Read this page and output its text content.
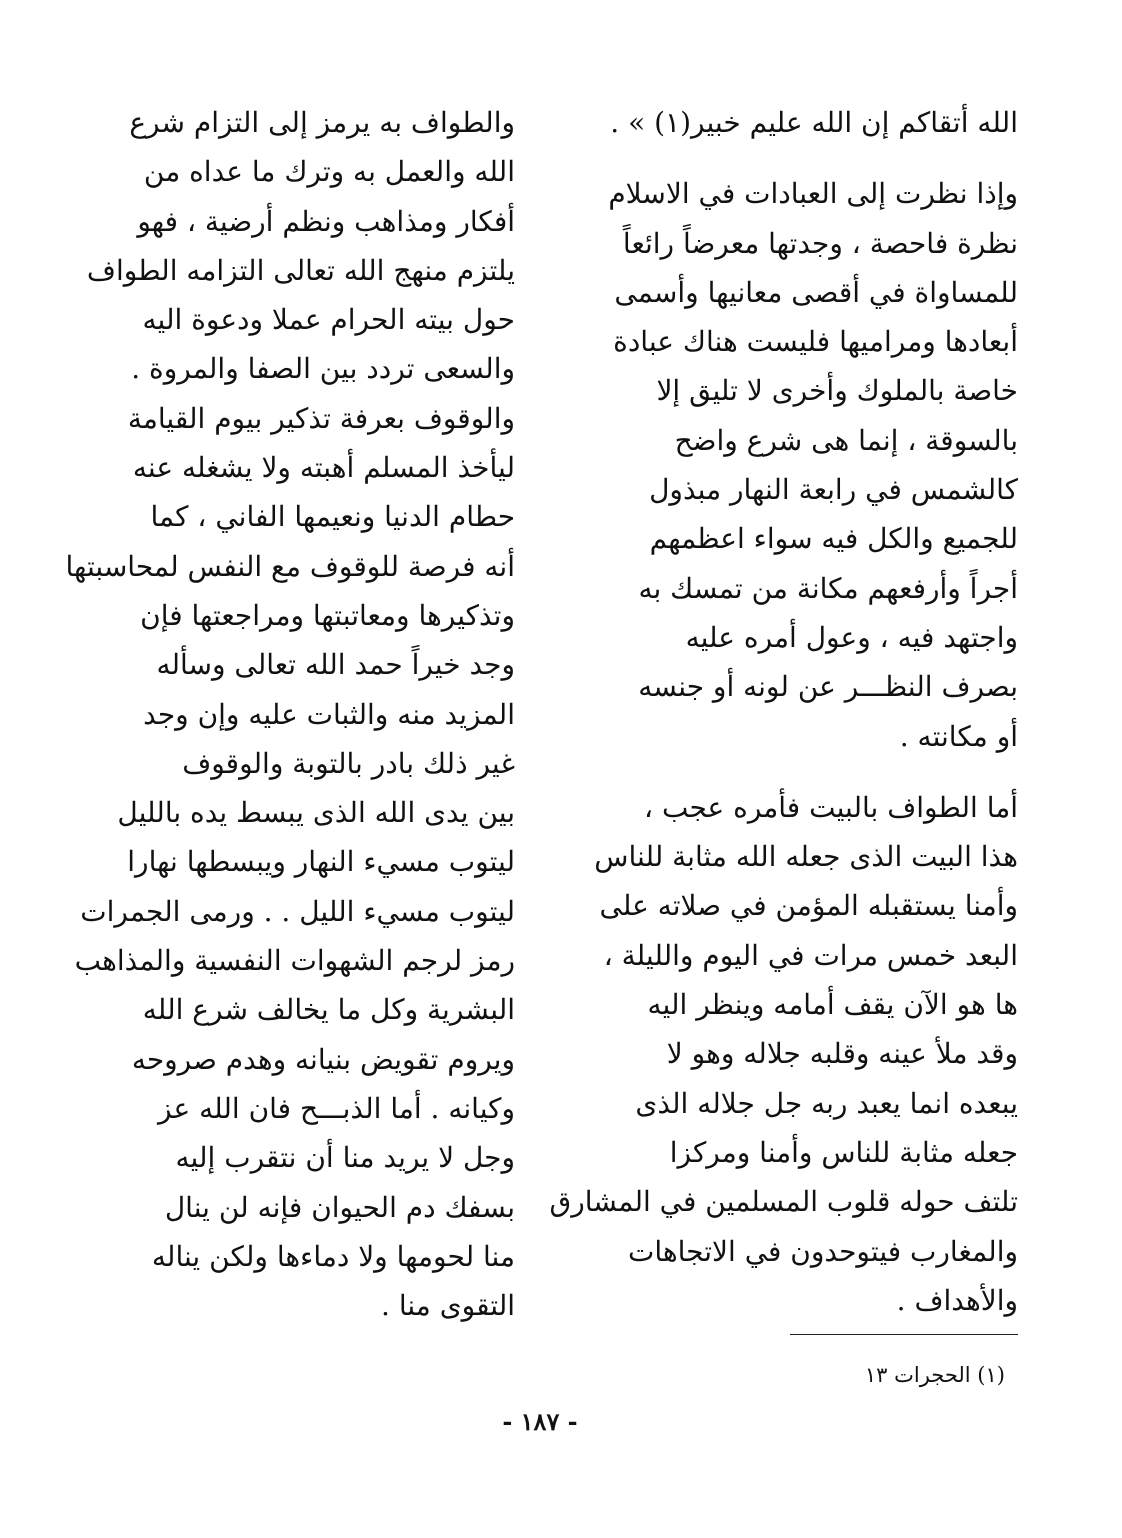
الله أتقاكم إن الله عليم خبير(١) » .
وإذا نظرت إلى العبادات في الاسلام
نظرة فاحصة ، وجدتها معرضاً رائعاً
للمساواة في أقصى معانيها وأسمى
أبعادها ومراميها فليست هناك عبادة
خاصة بالملوك وأخرى لا تليق إلا
بالسوقة ، إنما هى شرع واضح
كالشمس في رابعة النهار مبذول
للجميع والكل فيه سواء اعظمهم
أجراً وأرفعهم مكانة من تمسك به
واجتهد فيه ، وعول أمره عليه
بصرف النظـــر عن لونه أو جنسه
أو مكانته .
أما الطواف بالبيت فأمره عجب ،
هذا البيت الذى جعله الله مثابة للناس
وأمنا يستقبله المؤمن في صلاته على
البعد خمس مرات في اليوم والليلة ،
ها هو الآن يقف أمامه وينظر اليه
وقد ملأ عينه وقلبه جلاله وهو لا
يبعده انما يعبد ربه جل جلاله الذى
جعله مثابة للناس وأمنا ومركزا
تلتف حوله قلوب المسلمين في المشارق
والمغارب فيتوحدون في الاتجاهات
والأهداف .
والطواف به يرمز إلى التزام شرع
الله والعمل به وترك ما عداه من
أفكار ومذاهب ونظم أرضية ، فهو
يلتزم منهج الله تعالى التزامه الطواف
حول بيته الحرام عملا ودعوة اليه
والسعى تردد بين الصفا والمروة .
والوقوف بعرفة تذكير بيوم القيامة
ليأخذ المسلم أهبته ولا يشغله عنه
حطام الدنيا ونعيمها الفاني ، كما
أنه فرصة للوقوف مع النفس لمحاسبتها
وتذكيرها ومعاتبتها ومراجعتها فإن
وجد خيراً حمد الله تعالى وسأله
المزيد منه والثبات عليه وإن وجد
غير ذلك بادر بالتوبة والوقوف
بين يدى الله الذى يبسط يده بالليل
ليتوب مسيء النهار ويبسطها نهارا
ليتوب مسيء الليل . . ورمى الجمرات
رمز لرجم الشهوات النفسية والمذاهب
البشرية وكل ما يخالف شرع الله
ويروم تقويض بنيانه وهدم صروحه
وكيانه . أما الذبـــح فان الله عز
وجل لا يريد منا أن نتقرب إليه
بسفك دم الحيوان فإنه لن ينال
منا لحومها ولا دماءها ولكن يناله
التقوى منا .
(١) الحجرات ١٣
- ١٨٧ -
